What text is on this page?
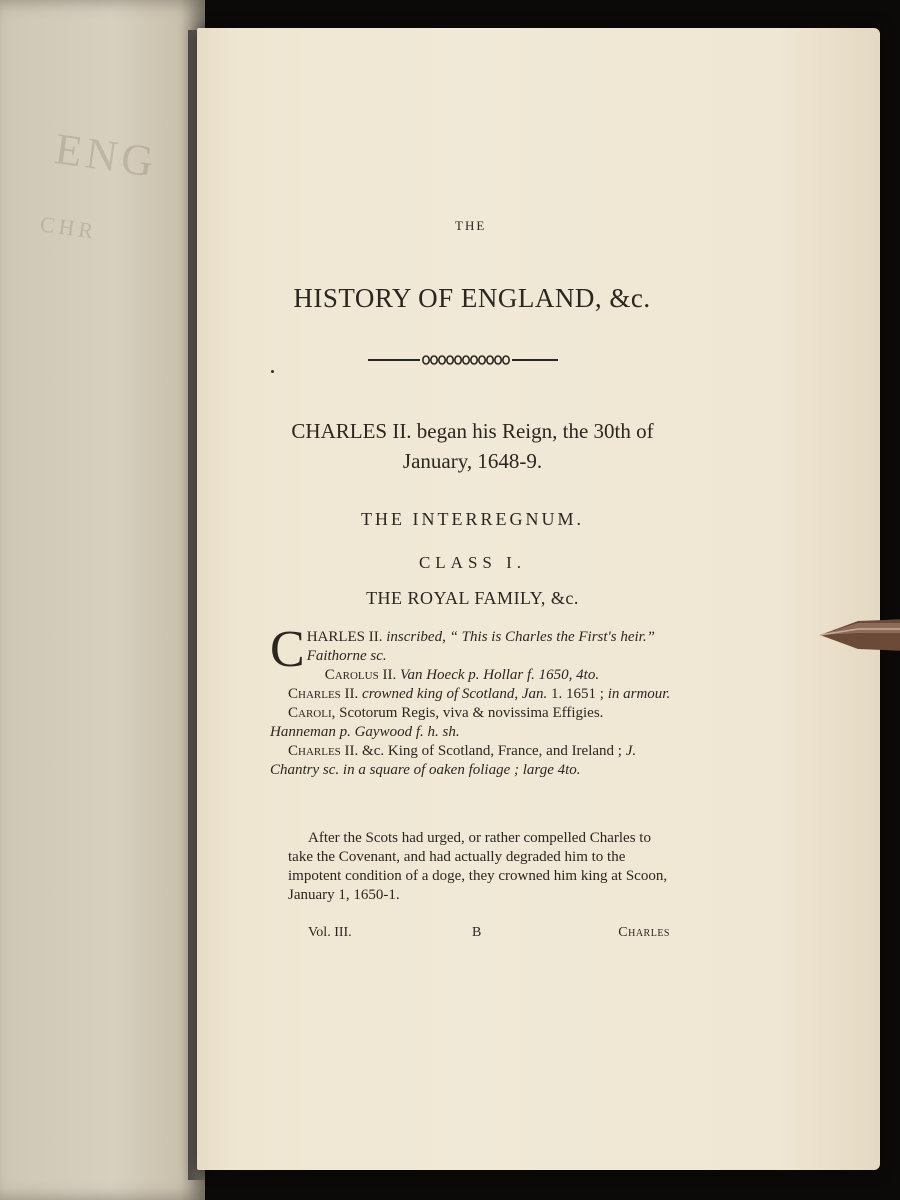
ENG
CHR	THE
HISTORY OF ENGLAND, &c.
CHARLES II. began his Reign, the 30th of
January, 1648-9.
THE INTERREGNUM.
CLASS I.
THE ROYAL FAMILY, &c.

CHARLES II. inscribed, “ This is Charles the First's heir.” Faithorne sc.

Carolus II. Van Hoeck p. Hollar f. 1650, 4to.

Charles II. crowned king of Scotland, Jan. 1. 1651 ; in armour.

Caroli, Scotorum Regis, viva & novissima Effigies. Hanneman p. Gaywood f. h. sh.

Charles II. &c. King of Scotland, France, and Ireland ; J. Chantry sc. in a square of oaken foliage ; large 4to.

After the Scots had urged, or rather compelled Charles to take the Covenant, and had actually degraded him to the impotent condition of a doge, they crowned him king at Scoon, January 1, 1650-1.
Vol. III.	B	Charles
